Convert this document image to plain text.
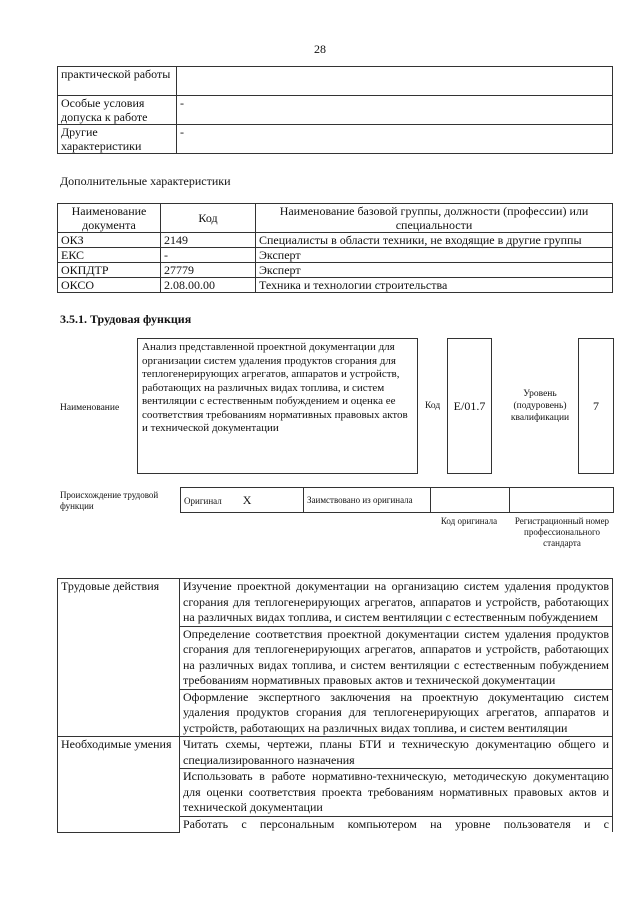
28
практической работы	
Особые условия допуска к работе	-
Другие характеристики	-
Дополнительные характеристики
Наименование документа	Код	Наименование базовой группы, должности (профессии) или специальности
ОКЗ	2149	Специалисты в области техники, не входящие в другие группы
ЕКС	-	Эксперт
ОКПДТР	27779	Эксперт
ОКСО	2.08.00.00	Техника и технологии строительства
3.5.1. Трудовая функция
Наименование
Анализ представленной проектной документации для организации систем удаления продуктов сгорания для теплогенерирующих агрегатов, аппаратов и устройств, работающих на различных видах топлива, и систем вентиляции с естественным побуждением и оценка ее соответствия требованиям нормативных правовых актов и технической документации
Код E/01.7
Уровень (подуровень) квалификации
7
Происхождение трудовой функции
Оригинал X	Заимствовано из оригинала		
Код оригинала	Регистрационный номер профессионального стандарта
Трудовые действия	Изучение проектной документации на организацию систем удаления продуктов сгорания для теплогенерирующих агрегатов, аппаратов и устройств, работающих на различных видах топлива, и систем вентиляции с естественным побуждением
	Определение соответствия проектной документации систем удаления продуктов сгорания для теплогенерирующих агрегатов, аппаратов и устройств, работающих на различных видах топлива, и систем вентиляции с естественным побуждением требованиям нормативных правовых актов и технической документации
	Оформление экспертного заключения на проектную документацию систем удаления продуктов сгорания для теплогенерирующих агрегатов, аппаратов и устройств, работающих на различных видах топлива, и систем вентиляции
Необходимые умения	Читать схемы, чертежи, планы БТИ и техническую документацию общего и специализированного назначения
	Использовать в работе нормативно-техническую, методическую документацию для оценки соответствия проекта требованиям нормативных правовых актов и технической документации
	Работать с персональным компьютером на уровне пользователя и с
